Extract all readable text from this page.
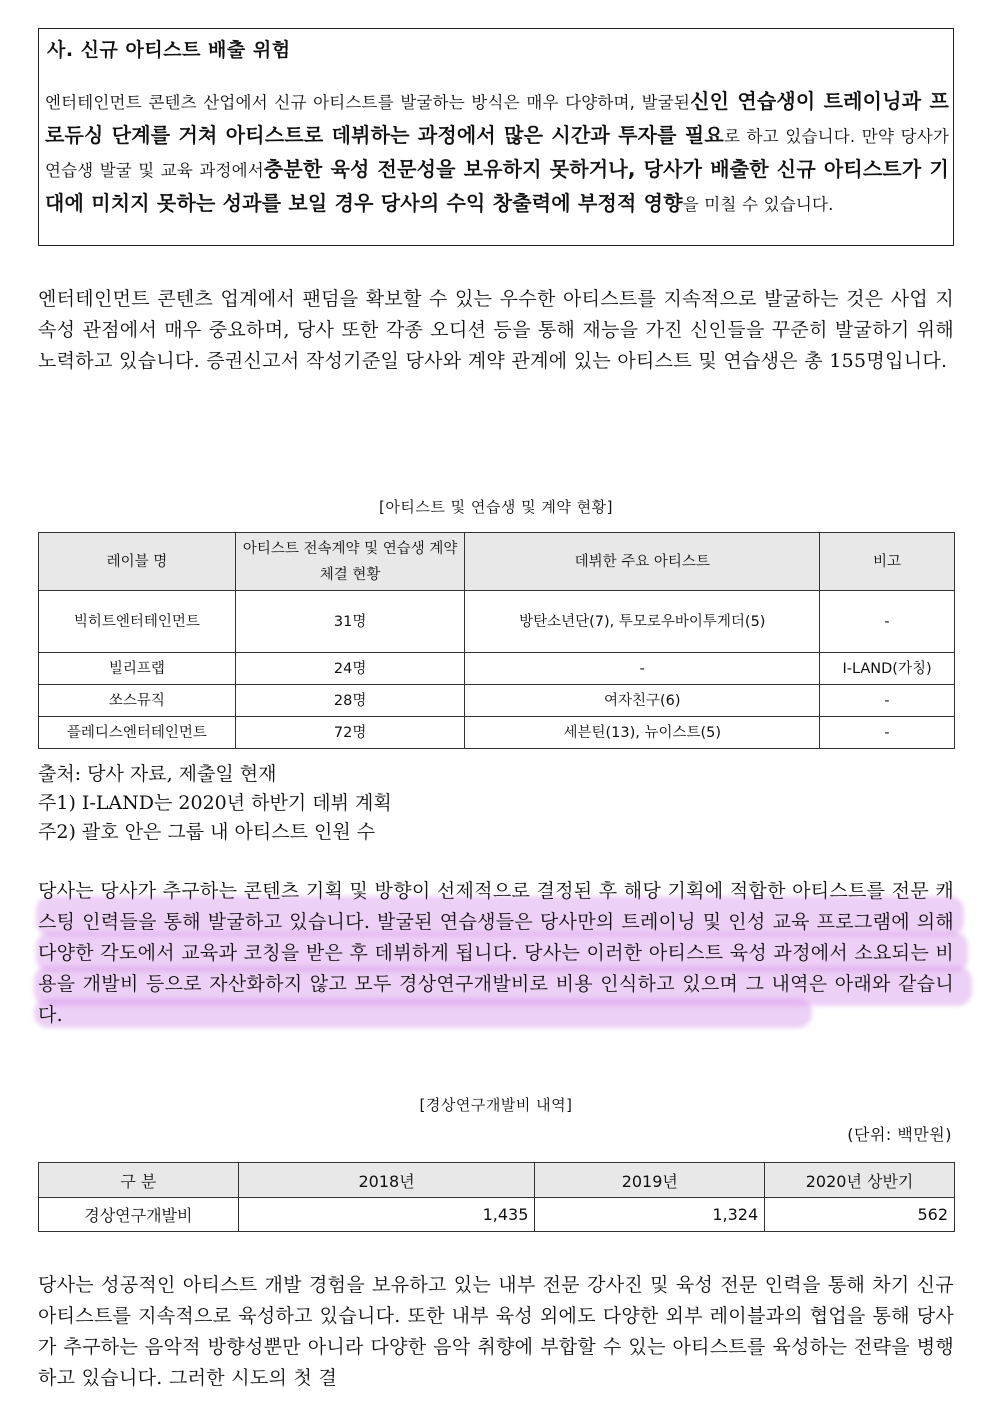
사. 신규 아티스트 배출 위험
엔터테인먼트 콘텐츠 산업에서 신규 아티스트를 발굴하는 방식은 매우 다양하며, 발굴된신인 연습생이 트레이닝과 프로듀싱 단계를 거쳐 아티스트로 데뷔하는 과정에서 많은 시간과 투자를 필요로 하고 있습니다. 만약 당사가 연습생 발굴 및 교육 과정에서충분한 육성 전문성을 보유하지 못하거나, 당사가 배출한 신규 아티스트가 기대에 미치지 못하는 성과를 보일 경우 당사의 수익 창출력에 부정적 영향을 미칠 수 있습니다.
엔터테인먼트 콘텐츠 업계에서 팬덤을 확보할 수 있는 우수한 아티스트를 지속적으로 발굴하는 것은 사업 지속성 관점에서 매우 중요하며, 당사 또한 각종 오디션 등을 통해 재능을 가진 신인들을 꾸준히 발굴하기 위해 노력하고 있습니다. 증권신고서 작성기준일 당사와 계약 관계에 있는 아티스트 및 연습생은 총 155명입니다.
[아티스트 및 연습생 및 계약 현황]
레이블 명	아티스트 전속계약 및 연습생 계약 체결 현황	데뷔한 주요 아티스트	비고
빅히트엔터테인먼트	31명	방탄소년단(7), 투모로우바이투게더(5)	-
빌리프랩	24명	-	I-LAND(가칭)
쏘스뮤직	28명	여자친구(6)	-
플레디스엔터테인먼트	72명	세븐틴(13), 뉴이스트(5)	-
출처: 당사 자료, 제출일 현재
주1) I-LAND는 2020년 하반기 데뷔 계획
주2) 괄호 안은 그룹 내 아티스트 인원 수
당사는 당사가 추구하는 콘텐츠 기획 및 방향이 선제적으로 결정된 후 해당 기획에 적합한 아티스트를 전문 캐스팅 인력들을 통해 발굴하고 있습니다. 발굴된 연습생들은 당사만의 트레이닝 및 인성 교육 프로그램에 의해 다양한 각도에서 교육과 코칭을 받은 후 데뷔하게 됩니다. 당사는 이러한 아티스트 육성 과정에서 소요되는 비용을 개발비 등으로 자산화하지 않고 모두 경상연구개발비로 비용 인식하고 있으며 그 내역은 아래와 같습니다.
[경상연구개발비 내역]
(단위: 백만원)
구 분	2018년	2019년	2020년 상반기
경상연구개발비	1,435	1,324	562
당사는 성공적인 아티스트 개발 경험을 보유하고 있는 내부 전문 강사진 및 육성 전문 인력을 통해 차기 신규 아티스트를 지속적으로 육성하고 있습니다. 또한 내부 육성 외에도 다양한 외부 레이블과의 협업을 통해 당사가 추구하는 음악적 방향성뿐만 아니라 다양한 음악 취향에 부합할 수 있는 아티스트를 육성하는 전략을 병행하고 있습니다. 그러한 시도의 첫 결
